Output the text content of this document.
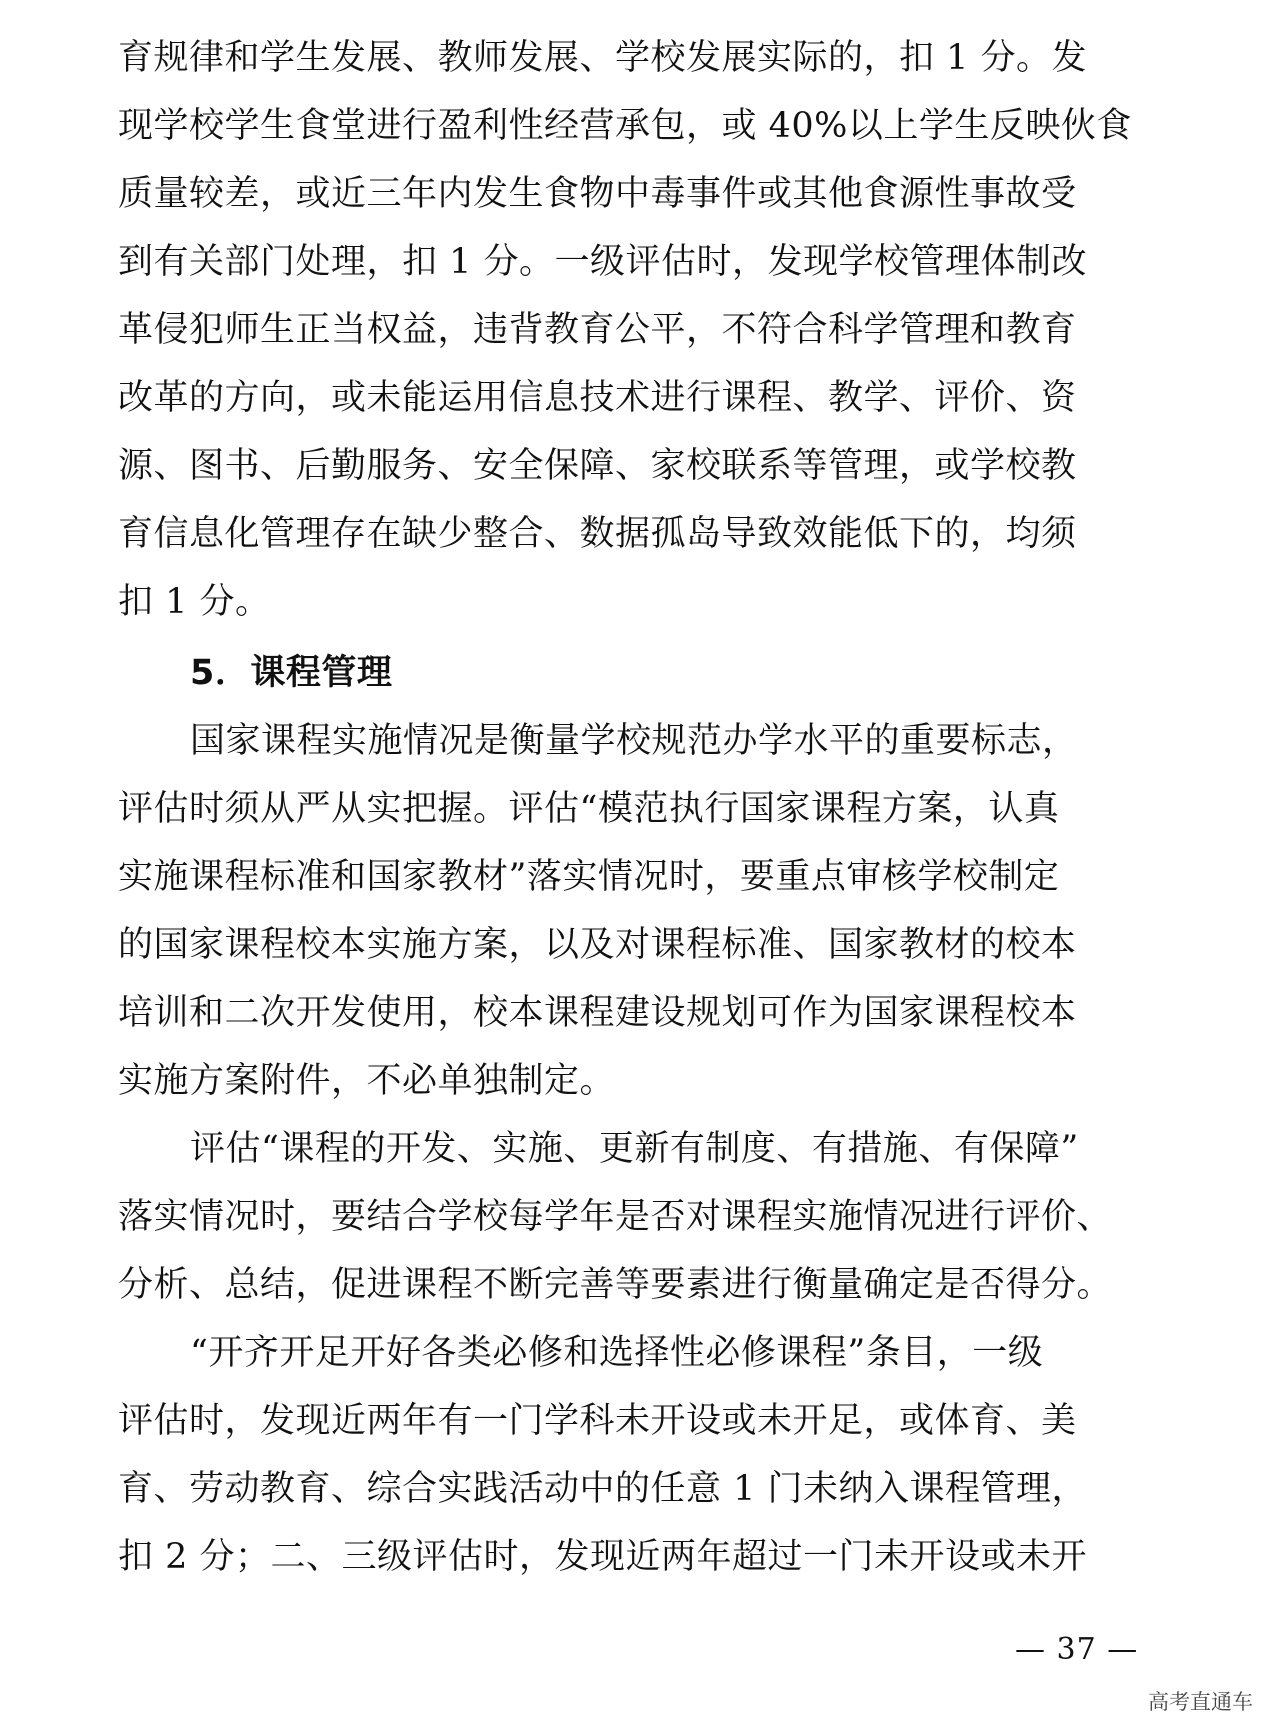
育规律和学生发展、教师发展、学校发展实际的，扣 1 分。发
现学校学生食堂进行盈利性经营承包，或 40%以上学生反映伙食
质量较差，或近三年内发生食物中毒事件或其他食源性事故受
到有关部门处理，扣 1 分。一级评估时，发现学校管理体制改
革侵犯师生正当权益，违背教育公平，不符合科学管理和教育
改革的方向，或未能运用信息技术进行课程、教学、评价、资
源、图书、后勤服务、安全保障、家校联系等管理，或学校教
育信息化管理存在缺少整合、数据孤岛导致效能低下的，均须
扣 1 分。
5．课程管理
国家课程实施情况是衡量学校规范办学水平的重要标志，
评估时须从严从实把握。评估“模范执行国家课程方案，认真
实施课程标准和国家教材”落实情况时，要重点审核学校制定
的国家课程校本实施方案，以及对课程标准、国家教材的校本
培训和二次开发使用，校本课程建设规划可作为国家课程校本
实施方案附件，不必单独制定。
评估“课程的开发、实施、更新有制度、有措施、有保障”
落实情况时，要结合学校每学年是否对课程实施情况进行评价、
分析、总结，促进课程不断完善等要素进行衡量确定是否得分。
“开齐开足开好各类必修和选择性必修课程”条目，一级
评估时，发现近两年有一门学科未开设或未开足，或体育、美
育、劳动教育、综合实践活动中的任意 1 门未纳入课程管理，
扣 2 分；二、三级评估时，发现近两年超过一门未开设或未开
— 37 —
高考直通车
